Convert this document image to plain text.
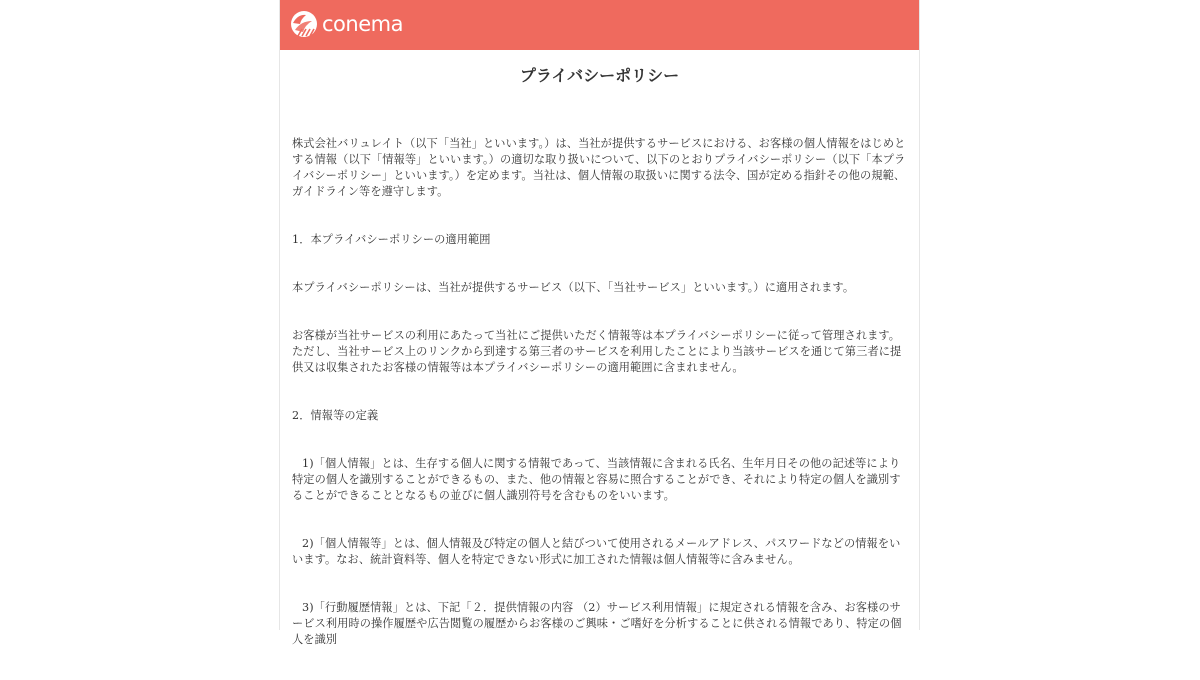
conema
プライバシーポリシー

株式会社バリュレイト（以下「当社」といいます。）は、当社が提供するサービスにおける、お客様の個人情報をはじめとする情報（以下「情報等」といいます。）の適切な取り扱いについて、以下のとおりプライバシーポリシー（以下「本プライバシーポリシー」といいます。）を定めます。当社は、個人情報の取扱いに関する法令、国が定める指針その他の規範、ガイドライン等を遵守します。

1．本プライバシーポリシーの適用範囲

本プライバシーポリシーは、当社が提供するサービス（以下、「当社サービス」といいます。）に適用されます。

お客様が当社サービスの利用にあたって当社にご提供いただく情報等は本プライバシーポリシーに従って管理されます。ただし、当社サービス上のリンクから到達する第三者のサービスを利用したことにより当該サービスを通じて第三者に提供又は収集されたお客様の情報等は本プライバシーポリシーの適用範囲に含まれません。

2．情報等の定義

1)「個人情報」とは、生存する個人に関する情報であって、当該情報に含まれる氏名、生年月日その他の記述等により特定の個人を識別することができるもの、また、他の情報と容易に照合することができ、それにより特定の個人を識別することができることとなるもの並びに個人識別符号を含むものをいいます。

2)「個人情報等」とは、個人情報及び特定の個人と結びついて使用されるメールアドレス、パスワードなどの情報をいいます。なお、統計資料等、個人を特定できない形式に加工された情報は個人情報等に含みません。

3)「行動履歴情報」とは、下記「２．提供情報の内容 （2）サービス利用情報」に規定される情報を含み、お客様のサービス利用時の操作履歴や広告閲覧の履歴からお客様のご興味・ご嗜好を分析することに供される情報であり、特定の個人を識別
